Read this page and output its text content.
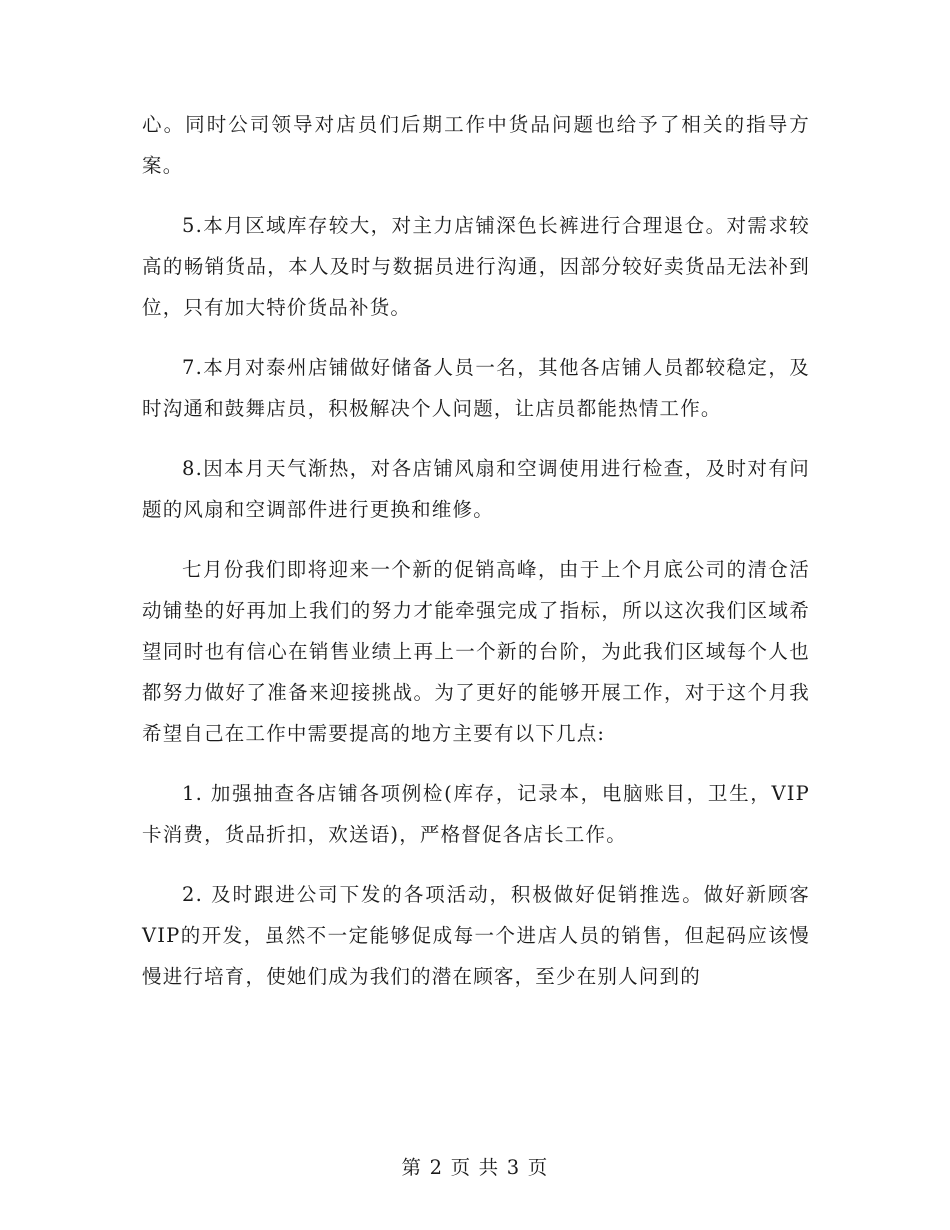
心。同时公司领导对店员们后期工作中货品问题也给予了相关的指导方案。

5.本月区域库存较大，对主力店铺深色长裤进行合理退仓。对需求较高的畅销货品，本人及时与数据员进行沟通，因部分较好卖货品无法补到位，只有加大特价货品补货。

7.本月对泰州店铺做好储备人员一名，其他各店铺人员都较稳定，及时沟通和鼓舞店员，积极解决个人问题，让店员都能热情工作。

8.因本月天气渐热，对各店铺风扇和空调使用进行检查，及时对有问题的风扇和空调部件进行更换和维修。

七月份我们即将迎来一个新的促销高峰，由于上个月底公司的清仓活动铺垫的好再加上我们的努力才能牵强完成了指标，所以这次我们区域希望同时也有信心在销售业绩上再上一个新的台阶，为此我们区域每个人也都努力做好了准备来迎接挑战。为了更好的能够开展工作，对于这个月我希望自己在工作中需要提高的地方主要有以下几点:

1. 加强抽查各店铺各项例检(库存，记录本，电脑账目，卫生，VIP卡消费，货品折扣，欢送语)，严格督促各店长工作。

2. 及时跟进公司下发的各项活动，积极做好促销推选。做好新顾客VIP的开发，虽然不一定能够促成每一个进店人员的销售，但起码应该慢慢进行培育，使她们成为我们的潜在顾客，至少在别人问到的

第 2 页 共 3 页
